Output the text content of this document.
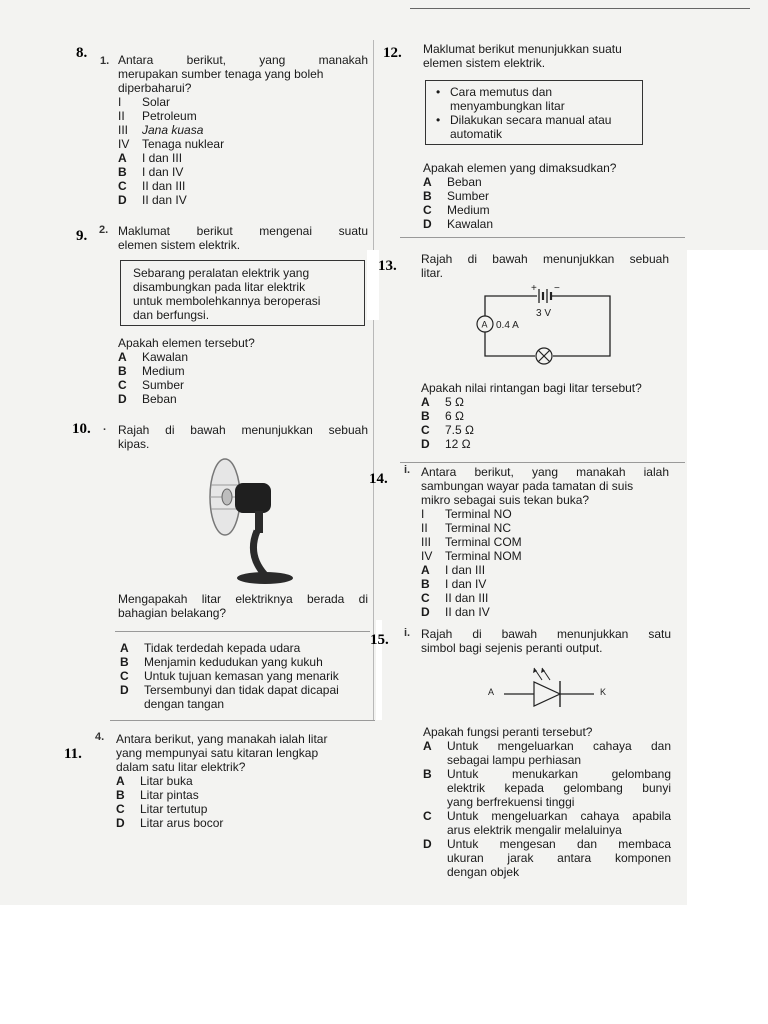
8. 1. Antara berikut, yang manakah
merupakan sumber tenaga yang boleh
diperbaharui?
I	Solar
II	Petroleum
III	Jana kuasa
IV	Tenaga nuklear
A	I dan III
B	I dan IV
C	II dan III
D	II dan IV
9. 2. Maklumat berikut mengenai suatu
elemen sistem elektrik.
Sebarang peralatan elektrik yang
disambungkan pada litar elektrik
untuk membolehkannya beroperasi
dan berfungsi.
Apakah elemen tersebut?
A	Kawalan
B	Medium
C	Sumber
D	Beban
10. . Rajah di bawah menunjukkan sebuah
kipas.
Mengapakah litar elektriknya berada di
bahagian belakang?
A	Tidak terdedah kepada udara
B	Menjamin kedudukan yang kukuh
C	Untuk tujuan kemasan yang menarik
D	Tersembunyi dan tidak dapat dicapai
dengan tangan
11.
4. Antara berikut, yang manakah ialah litar
yang mempunyai satu kitaran lengkap
dalam satu litar elektrik?
A	Litar buka
B	Litar pintas
C	Litar tertutup
D	Litar arus bocor
12. Maklumat berikut menunjukkan suatu
elemen sistem elektrik.
• Cara memutus dan
menyambungkan litar
• Dilakukan secara manual atau
automatik
Apakah elemen yang dimaksudkan?
A	Beban
B	Sumber
C	Medium
D	Kawalan
13. Rajah di bawah menunjukkan sebuah
litar.
+ −
3 V
A 0.4 A
Apakah nilai rintangan bagi litar tersebut?
A	5 Ω
B	6 Ω
C	7.5 Ω
D	12 Ω
14.
i. Antara berikut, yang manakah ialah
sambungan wayar pada tamatan di suis
mikro sebagai suis tekan buka?
I	Terminal NO
II	Terminal NC
III	Terminal COM
IV	Terminal NOM
A	I dan III
B	I dan IV
C	II dan III
D	II dan IV
15. i. Rajah di bawah menunjukkan satu
simbol bagi sejenis peranti output.
A	K
Apakah fungsi peranti tersebut?
A	Untuk mengeluarkan cahaya dan
sebagai lampu perhiasan
B	Untuk menukarkan gelombang
elektrik kepada gelombang bunyi
yang berfrekuensi tinggi
C	Untuk mengeluarkan cahaya apabila
arus elektrik mengalir melaluinya
D	Untuk mengesan dan membaca
ukuran jarak antara komponen
dengan objek
